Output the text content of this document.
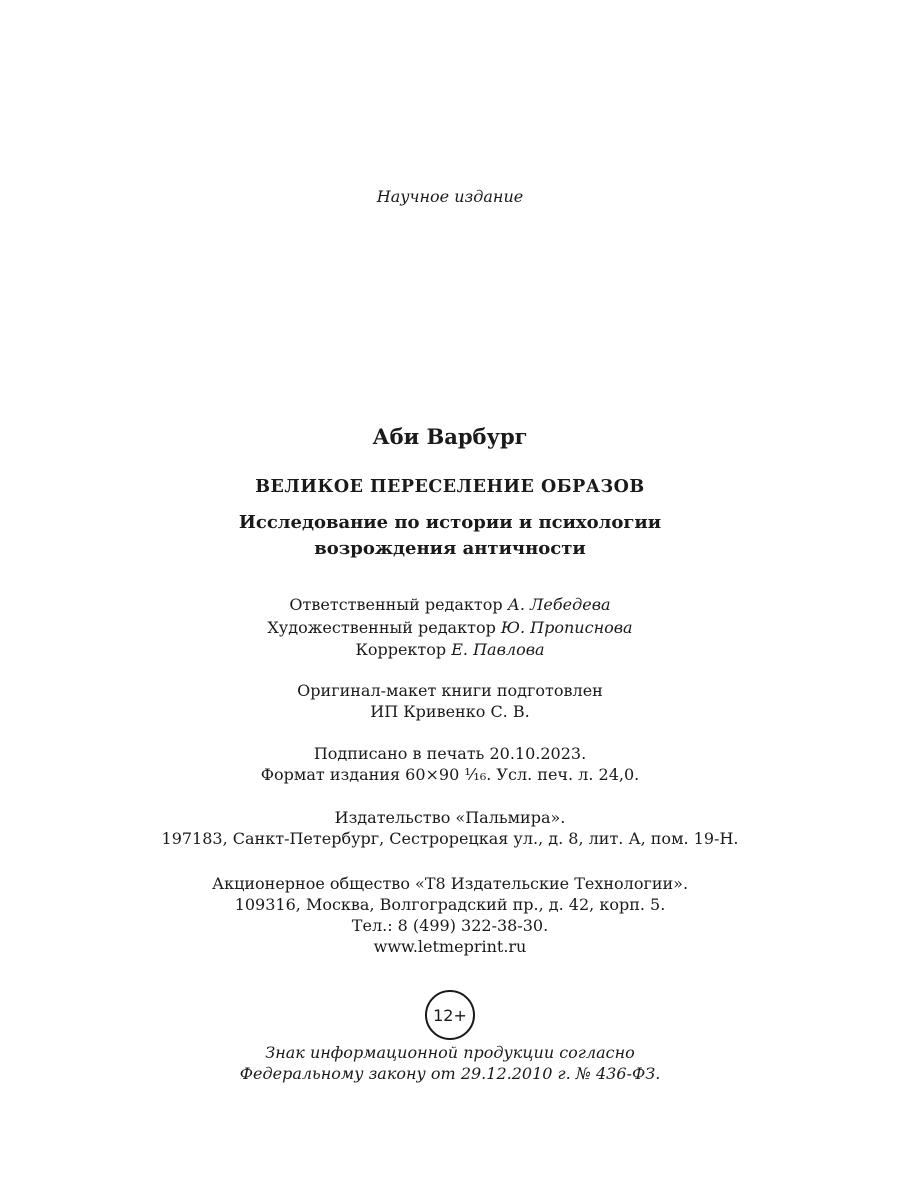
Научное издание
Аби Варбург
ВЕЛИКОЕ ПЕРЕСЕЛЕНИЕ ОБРАЗОВ
Исследование по истории и психологии
возрождения античности
Ответственный редактор А. Лебедева
Художественный редактор Ю. Прописнова
Корректор Е. Павлова
Оригинал-макет книги подготовлен
ИП Кривенко С. В.
Подписано в печать 20.10.2023.
Формат издания 60×90 ¹⁄₁₆. Усл. печ. л. 24,0.
Издательство «Пальмира».
197183, Санкт-Петербург, Сестрорецкая ул., д. 8, лит. А, пом. 19-Н.
Акционерное общество «Т8 Издательские Технологии».
109316, Москва, Волгоградский пр., д. 42, корп. 5.
Тел.: 8 (499) 322-38-30.
www.letmeprint.ru
12+
Знак информационной продукции согласно
Федеральному закону от 29.12.2010 г. № 436-ФЗ.
